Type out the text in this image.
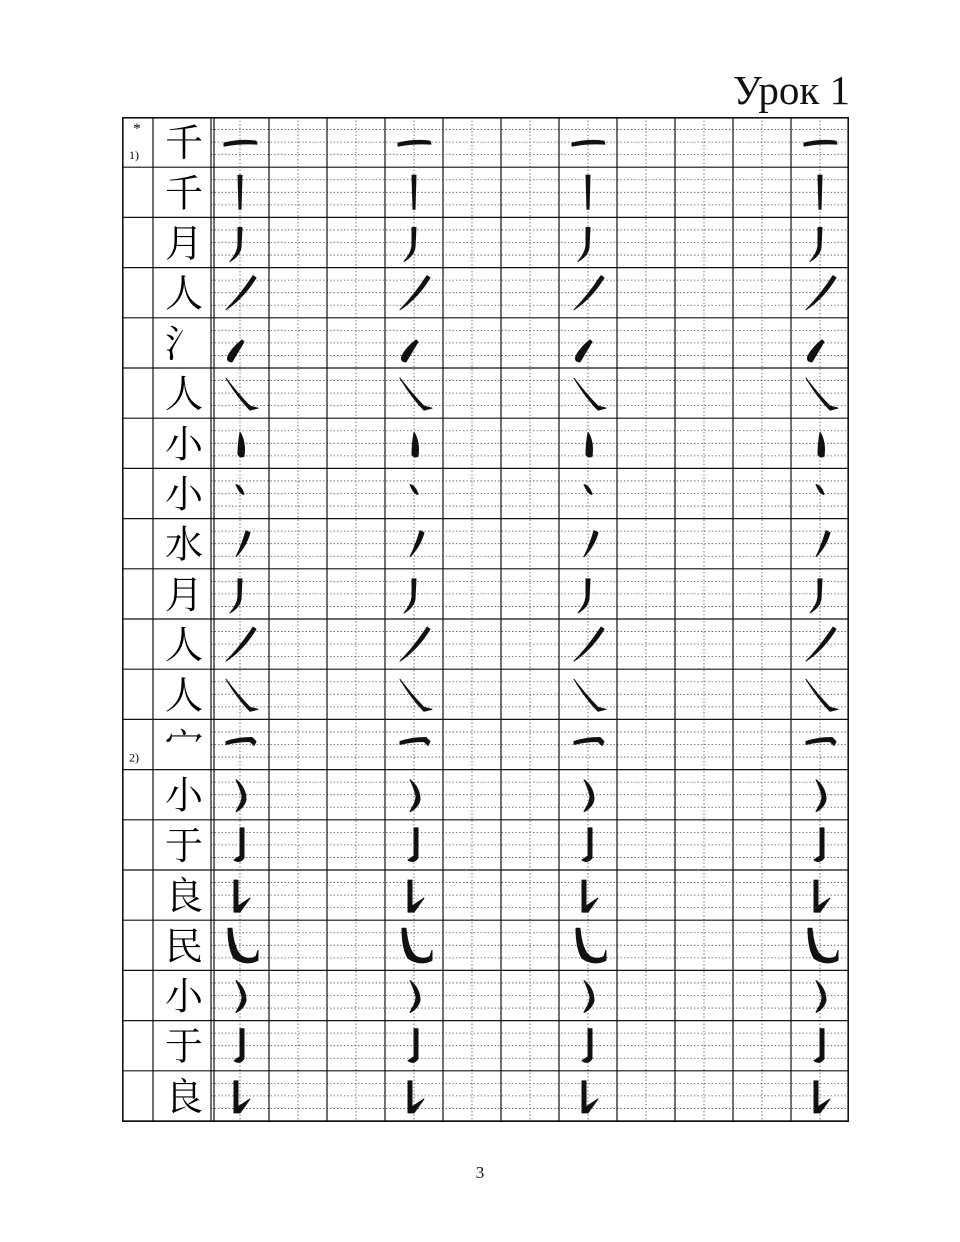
Урок 1
*
1)
2)
千
千
月
人
氵
人
小
小
水
月
人
人
宀
小
于
良
民
小
于
良
3
